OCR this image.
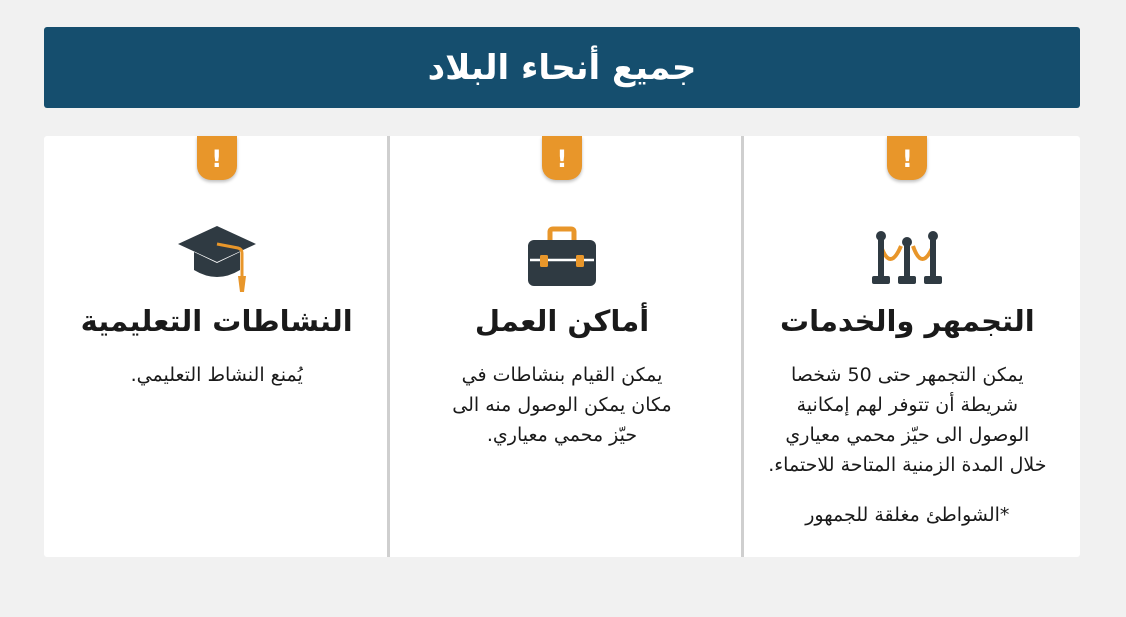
جميع أنحاء البلاد
!
التجمهر والخدمات

يمكن التجمهر حتى 50 شخصا

شريطة أن تتوفر لهم إمكانية

الوصول الى حيّز محمي معياري

خلال المدة الزمنية المتاحة للاحتماء.

*الشواطئ مغلقة للجمهور
!
أماكن العمل

يمكن القيام بنشاطات في

مكان يمكن الوصول منه الى

حيّز محمي معياري.

!
النشاطات التعليمية

يُمنع النشاط التعليمي.
